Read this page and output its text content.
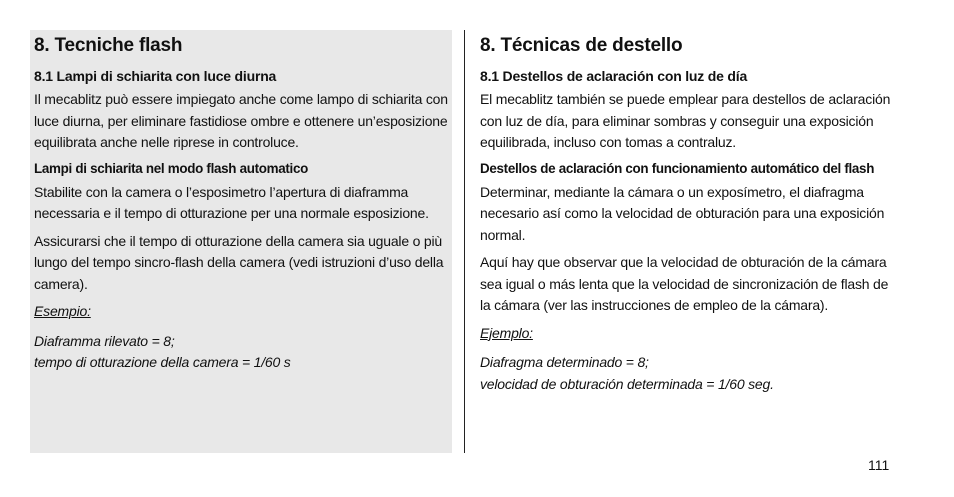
8. Tecniche flash
8.1 Lampi di schiarita con luce diurna

Il mecablitz può essere impiegato anche come lampo di schiarita con luce diurna, per eliminare fastidiose ombre e ottenere un’esposizione equilibrata anche nelle riprese in controluce.

Lampi di schiarita nel modo flash automatico

Stabilite con la camera o l’esposimetro l’apertura di diaframma necessaria e il tempo di otturazione per una normale esposizione.

Assicurarsi che il tempo di otturazione della camera sia uguale o più lungo del tempo sincro-flash della camera (vedi istruzioni d’uso della camera).

Esempio:

Diaframma rilevato = 8;

tempo di otturazione della camera = 1/60 s

8. Técnicas de destello
8.1 Destellos de aclaración con luz de día

El mecablitz también se puede emplear para destellos de aclaración con luz de día, para eliminar sombras y conseguir una exposición equilibrada, incluso con tomas a contraluz.

Destellos de aclaración con funcionamiento automático del flash

Determinar, mediante la cámara o un exposímetro, el diafragma necesario así como la velocidad de obturación para una exposición normal.

Aquí hay que observar que la velocidad de obturación de la cámara sea igual o más lenta que la velocidad de sincronización de flash de la cámara (ver las instrucciones de empleo de la cámara).

Ejemplo:

Diafragma determinado = 8;

velocidad de obturación determinada = 1/60 seg.

111
